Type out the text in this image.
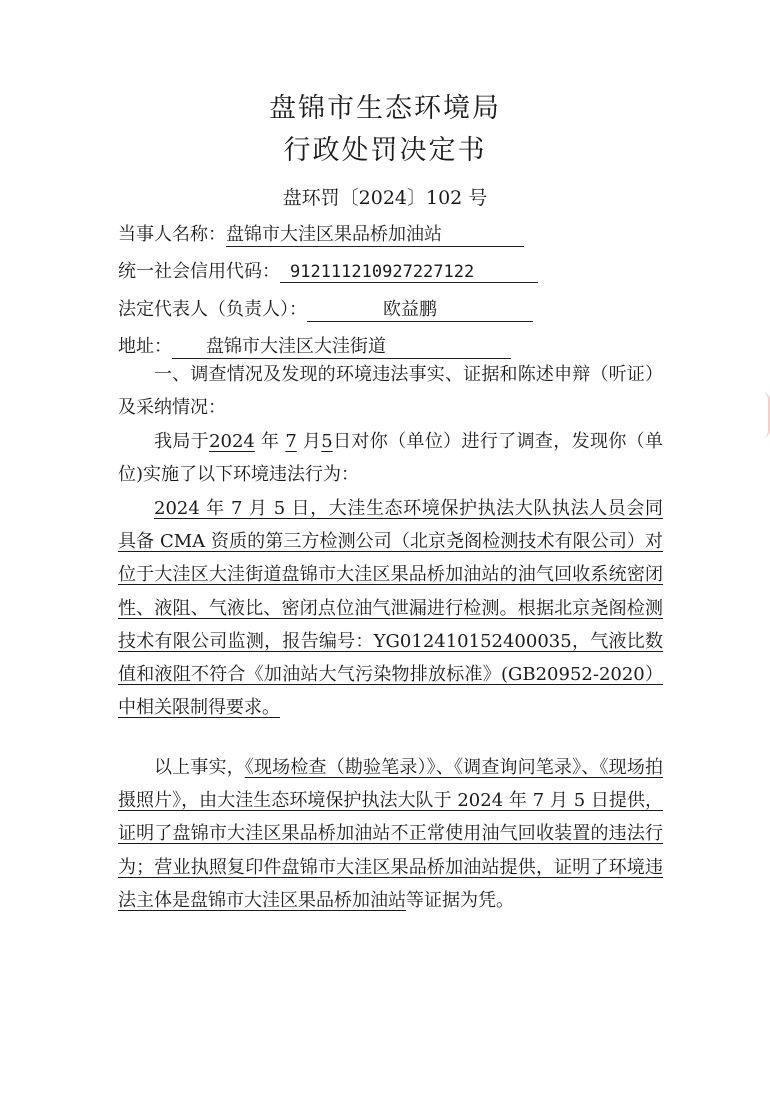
盘锦市生态环境局
行政处罚决定书
盘环罚〔2024〕102 号
当事人名称：盘锦市大洼区果品桥加油站
统一社会信用代码： 91211121092722712​2
法定代表人（负责人）：	欧益鹏
地址： 盘锦市大洼区大洼街道
一、调查情况及发现的环境违法事实、证据和陈述申辩（听证）及采纳情况：
我局于2024 年 7 月5日对你（单位）进行了调查，发现你（单位)实施了以下环境违法行为：
2024 年 7 月 5 日，大洼生态环境保护执法大队执法人员会同具备 CMA 资质的第三方检测公司（北京尧阁检测技术有限公司）对位于大洼区大洼街道盘锦市大洼区果品桥加油站的油气回收系统密闭性、液阻、气液比、密闭点位油气泄漏进行检测。根据北京尧阁检测技术有限公司监测，报告编号：YG012410152400035，气液比数值和液阻不符合《加油站大气污染物排放标准》(GB20952-2020）中相关限制得要求。
以上事实，《现场检查（勘验笔录）》、《调查询问笔录》、《现场拍摄照片》，由大洼生态环境保护执法大队于 2024 年 7 月 5 日提供，证明了盘锦市大洼区果品桥加油站不正常使用油气回收装置的违法行为；营业执照复印件盘锦市大洼区果品桥加油站提供，证明了环境违法主体是盘锦市大洼区果品桥加油站等证据为凭。
